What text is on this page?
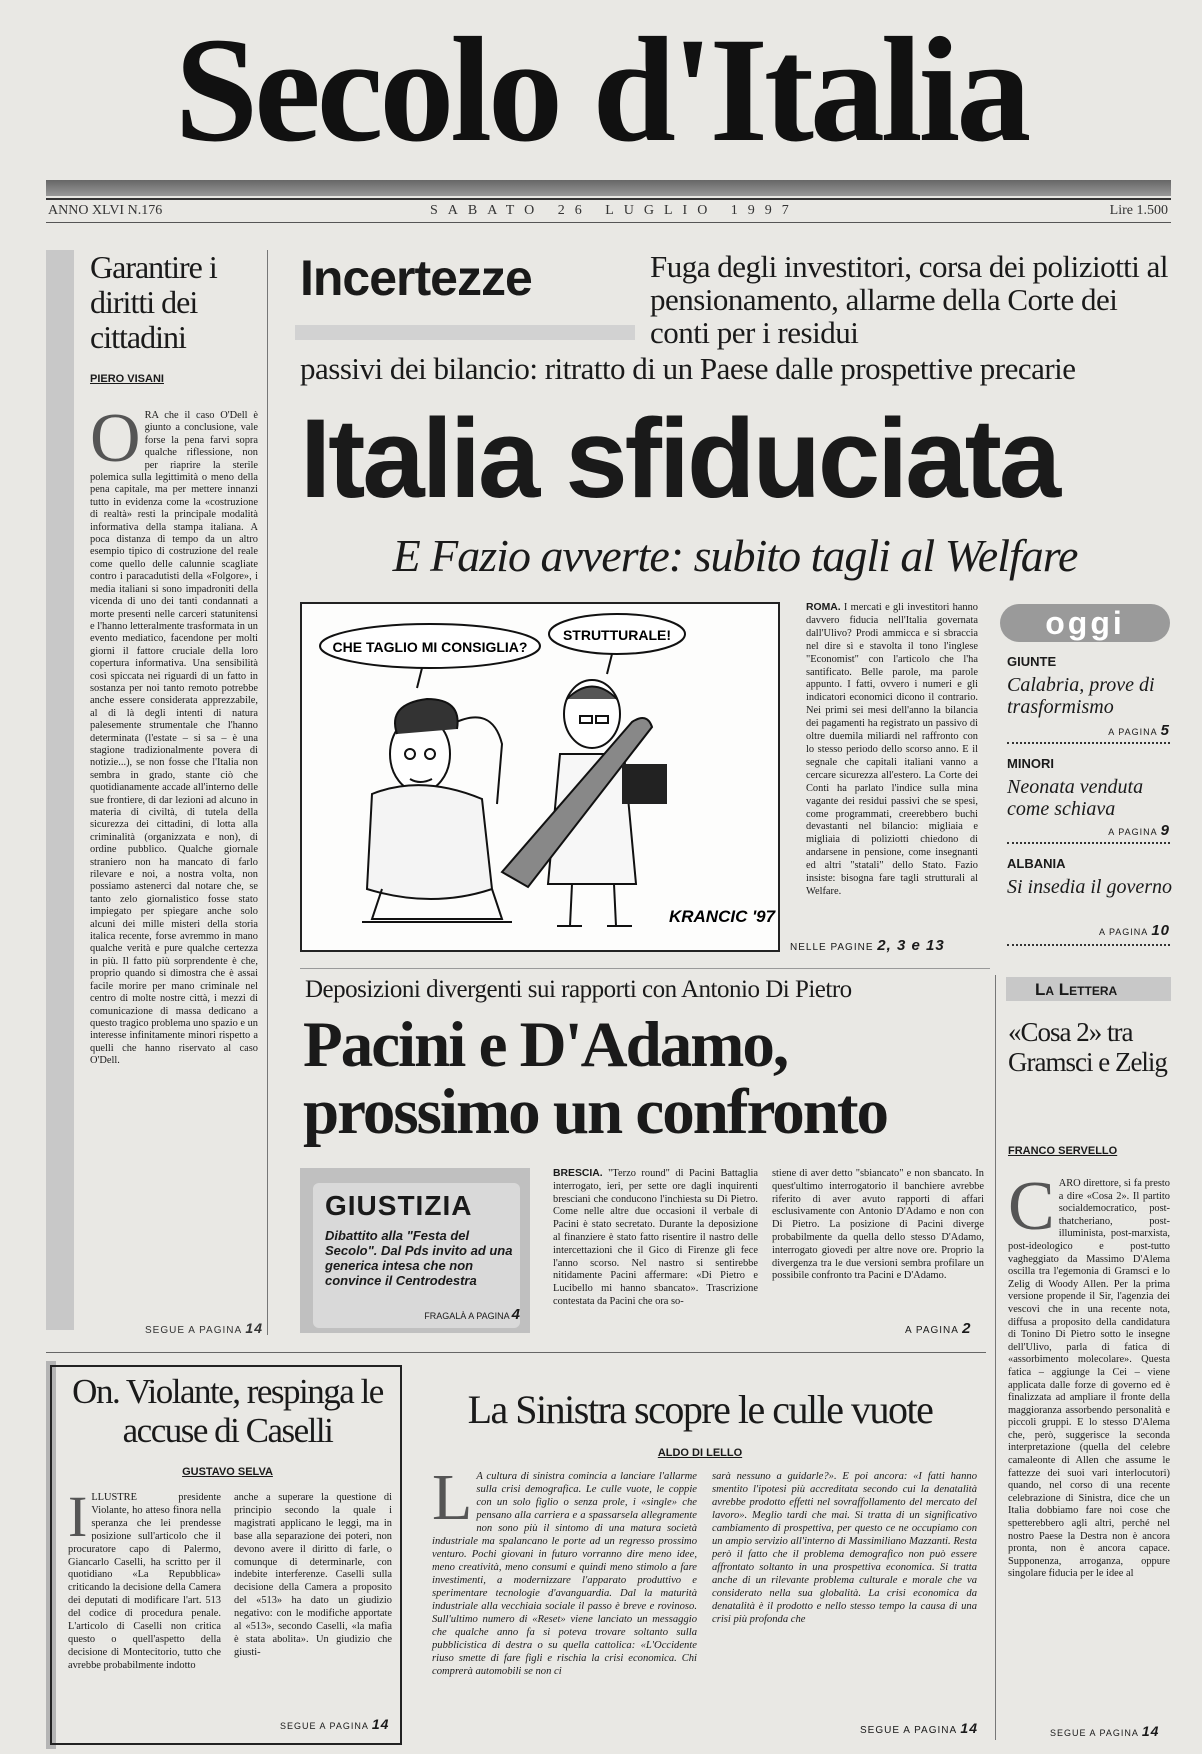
Secolo d'Italia
ANNO XLVI N.176	SABATO 26 LUGLIO 1997	Lire 1.500
Garantire i diritti dei cittadini
PIERO VISANI
ORA che il caso O'Dell è giunto a conclusione, vale forse la pena farvi sopra qualche riflessione, non per riaprire la sterile polemica sulla legittimità o meno della pena capitale, ma per mettere innanzi tutto in evidenza come la «costruzione di realtà» resti la principale modalità informativa della stampa italiana. A poca distanza di tempo da un altro esempio tipico di costruzione del reale come quello delle calunnie scagliate contro i paracadutisti della «Folgore», i media italiani si sono impadroniti della vicenda di uno dei tanti condannati a morte presenti nelle carceri statunitensi e l'hanno letteralmente trasformata in un evento mediatico, facendone per molti giorni il fattore cruciale della loro copertura informativa. Una sensibilità così spiccata nei riguardi di un fatto in sostanza per noi tanto remoto potrebbe anche essere considerata apprezzabile, al di là degli intenti di natura palesemente strumentale che l'hanno determinata (l'estate – si sa – è una stagione tradizionalmente povera di notizie...), se non fosse che l'Italia non sembra in grado, stante ciò che quotidianamente accade all'interno delle sue frontiere, di dar lezioni ad alcuno in materia di civiltà, di tutela della sicurezza dei cittadini, di lotta alla criminalità (organizzata e non), di ordine pubblico. Qualche giornale straniero non ha mancato di farlo rilevare e noi, a nostra volta, non possiamo astenerci dal notare che, se tanto zelo giornalistico fosse stato impiegato per spiegare anche solo alcuni dei mille misteri della storia italica recente, forse avremmo in mano qualche verità e pure qualche certezza in più. Il fatto più sorprendente è che, proprio quando si dimostra che è assai facile morire per mano criminale nel centro di molte nostre città, i mezzi di comunicazione di massa dedicano a questo tragico problema uno spazio e un interesse infinitamente minori rispetto a quelli che hanno riservato al caso O'Dell.
SEGUE A PAGINA 14
Incertezze	Fuga degli investitori, corsa dei poliziotti al pensionamento, allarme della Corte dei conti per i residui
passivi dei bilancio: ritratto di un Paese dalle prospettive precarie
Italia sfiduciata
E Fazio avverte: subito tagli al Welfare
CHE TAGLIO MI CONSIGLIA?
STRUTTURALE!
KRANCIC '97
ROMA. I mercati e gli investitori hanno davvero fiducia nell'Italia governata dall'Ulivo? Prodi ammicca e si sbraccia nel dire sì e stavolta il tono l'inglese "Economist" con l'articolo che l'ha santificato. Belle parole, ma parole appunto. I fatti, ovvero i numeri e gli indicatori economici dicono il contrario. Nei primi sei mesi dell'anno la bilancia dei pagamenti ha registrato un passivo di oltre duemila miliardi nel raffronto con lo stesso periodo dello scorso anno. E il segnale che capitali italiani vanno a cercare sicurezza all'estero. La Corte dei Conti ha parlato l'indice sulla mina vagante dei residui passivi che se spesi, come programmati, creerebbero buchi devastanti nel bilancio: migliaia e migliaia di poliziotti chiedono di andarsene in pensione, come insegnanti ed altri "statali" dello Stato. Fazio insiste: bisogna fare tagli strutturali al Welfare.
NELLE PAGINE 2, 3 e 13
oggi
GIUNTE
Calabria, prove di trasformismo
A PAGINA 5
MINORI
Neonata venduta come schiava
A PAGINA 9
ALBANIA
Si insedia il governo
A PAGINA 10
Deposizioni divergenti sui rapporti con Antonio Di Pietro
Pacini e D'Adamo, prossimo un confronto
GIUSTIZIA
Dibattito alla "Festa del Secolo". Dal Pds invito ad una generica intesa che non convince il Centrodestra
FRAGALÀ A PAGINA 4
BRESCIA. "Terzo round" di Pacini Battaglia interrogato, ieri, per sette ore dagli inquirenti bresciani che conducono l'inchiesta su Di Pietro. Come nelle altre due occasioni il verbale di Pacini è stato secretato. Durante la deposizione al finanziere è stato fatto risentire il nastro delle intercettazioni che il Gico di Firenze gli fece l'anno scorso. Nel nastro si sentirebbe nitidamente Pacini affermare: «Di Pietro e Lucibello mi hanno sbancato». Trascrizione contestata da Pacini che ora so-
stiene di aver detto "sbiancato" e non sbancato. In quest'ultimo interrogatorio il banchiere avrebbe riferito di aver avuto rapporti di affari esclusivamente con Antonio D'Adamo e non con Di Pietro. La posizione di Pacini diverge probabilmente da quella dello stesso D'Adamo, interrogato giovedì per altre nove ore. Proprio la divergenza tra le due versioni sembra profilare un possibile confronto tra Pacini e D'Adamo.
A PAGINA 2
La Lettera
«Cosa 2» tra Gramsci e Zelig
FRANCO SERVELLO
CARO direttore, si fa presto a dire «Cosa 2». Il partito socialdemocratico, post-thatcheriano, post-illuminista, post-marxista, post-ideologico e post-tutto vagheggiato da Massimo D'Alema oscilla tra l'egemonia di Gramsci e lo Zelig di Woody Allen. Per la prima versione propende il Sir, l'agenzia dei vescovi che in una recente nota, diffusa a proposito della candidatura di Tonino Di Pietro sotto le insegne dell'Ulivo, parla di fatica di «assorbimento molecolare». Questa fatica – aggiunge la Cei – viene applicata dalle forze di governo ed è finalizzata ad ampliare il fronte della maggioranza assorbendo personalità e piccoli gruppi. E lo stesso D'Alema che, però, suggerisce la seconda interpretazione (quella del celebre camaleonte di Allen che assume le fattezze dei suoi vari interlocutori) quando, nel corso di una recente celebrazione di Sinistra, dice che un Italia dobbiamo fare noi cose che spetterebbero agli altri, perché nel nostro Paese la Destra non è ancora pronta, non è ancora capace. Supponenza, arroganza, oppure singolare fiducia per le idee al
SEGUE A PAGINA 14
On. Violante, respinga le accuse di Caselli
GUSTAVO SELVA
ILLUSTRE presidente Violante, ho atteso finora nella speranza che lei prendesse posizione sull'articolo che il procuratore capo di Palermo, Giancarlo Caselli, ha scritto per il quotidiano «La Repubblica» criticando la decisione della Camera dei deputati di modificare l'art. 513 del codice di procedura penale. L'articolo di Caselli non critica questo o quell'aspetto della decisione di Montecitorio, tutto che avrebbe probabilmente indotto
anche a superare la questione di principio secondo la quale i magistrati applicano le leggi, ma in base alla separazione dei poteri, non devono avere il diritto di farle, o comunque di determinarle, con indebite interferenze. Caselli sulla decisione della Camera a proposito del «513» ha dato un giudizio negativo: con le modifiche apportate al «513», secondo Caselli, «la mafia è stata abolita». Un giudizio che giusti-
SEGUE A PAGINA 14
La Sinistra scopre le culle vuote
ALDO DI LELLO
L A cultura di sinistra comincia a lanciare l'allarme sulla crisi demografica. Le culle vuote, le coppie con un solo figlio o senza prole, i «single» che pensano alla carriera e a spassarsela allegramente non sono più il sintomo di una matura società industriale ma spalancano le porte ad un regresso prossimo venturo. Pochi giovani in futuro vorranno dire meno idee, meno creatività, meno consumi e quindi meno stimolo a fare investimenti, a modernizzare l'apparato produttivo e sperimentare tecnologie d'avanguardia. Dal la maturità industriale alla vecchiaia sociale il passo è breve e rovinoso. Sull'ultimo numero di «Reset» viene lanciato un messaggio che qualche anno fa si poteva trovare soltanto sulla pubblicistica di destra o su quella cattolica: «L'Occidente riuso smette di fare figli e rischia la crisi economica. Chi comprerà automobili se non ci
sarà nessuno a guidarle?». E poi ancora: «I fatti hanno smentito l'ipotesi più accreditata secondo cui la denatalità avrebbe prodotto effetti nel sovraffollamento del mercato del lavoro». Meglio tardi che mai. Si tratta di un significativo cambiamento di prospettiva, per questo ce ne occupiamo con un ampio servizio all'interno di Massimiliano Mazzanti. Resta però il fatto che il problema demografico non può essere affrontato soltanto in una prospettiva economica. Si tratta anche di un rilevante problema culturale e morale che va considerato nella sua globalità. La crisi economica da denatalità è il prodotto e nello stesso tempo la causa di una crisi più profonda che
SEGUE A PAGINA 14
